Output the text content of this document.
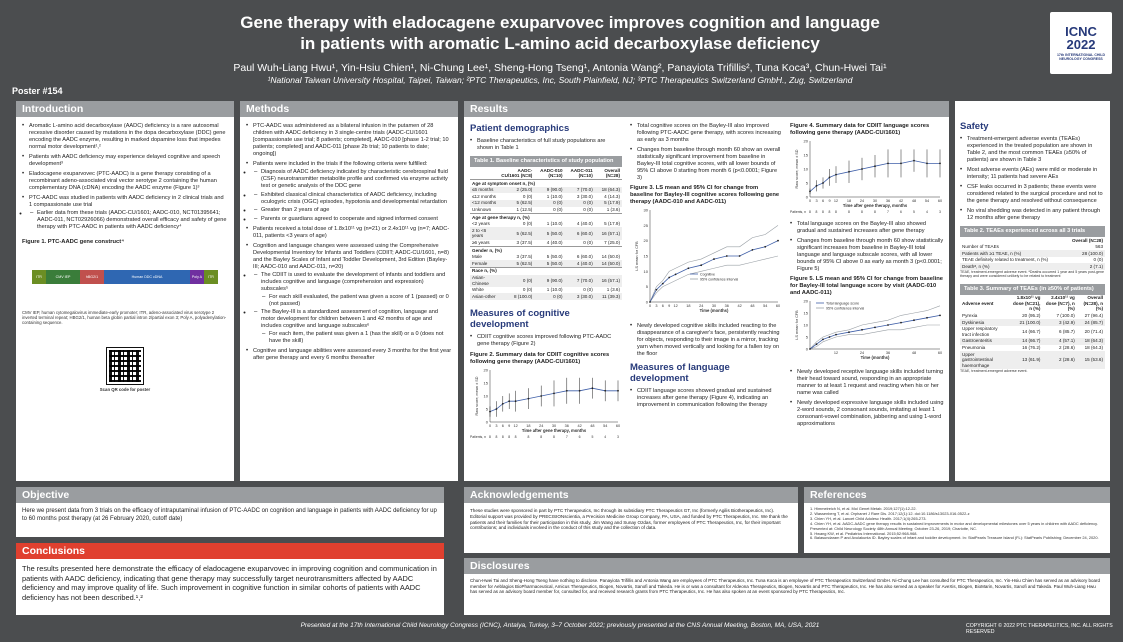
Gene therapy with eladocagene exuparvovec improves cognition and language
in patients with aromatic L-amino acid decarboxylase deficiency
Paul Wuh-Liang Hwu¹, Yin-Hsiu Chien¹, Ni-Chung Lee¹, Sheng-Hong Tseng¹, Antonia Wang², Panayiota Trifillis², Tuna Koca³, Chun-Hwei Tai¹
¹National Taiwan University Hospital, Taipei, Taiwan; ²PTC Therapeutics, Inc, South Plainfield, NJ; ³PTC Therapeutics Switzerland GmbH., Zug, Switzerland
ICNC
2022
17th INTERNATIONAL CHILD NEUROLOGY CONGRESS
Poster #154
Introduction
• Aromatic L-amino acid decarboxylase (AADC) deficiency is a rare autosomal recessive disorder caused by mutations in the dopa decarboxylase (DDC) gene encoding the AADC enzyme, resulting in marked dopamine loss that impedes normal motor development¹,²
• Patients with AADC deficiency may experience delayed cognitive and speech development³
• Eladocagene exuparvovec (PTC-AADC) is a gene therapy consisting of a recombinant adeno-associated viral vector serotype 2 containing the human complementary DNA (cDNA) encoding the AADC enzyme (Figure 1)³
• PTC-AADC was studied in patients with AADC deficiency in 2 clinical trials and 1 compassionate use trial
– ◦ Earlier data from these trials (AADC-CU/1601; AADC-010, NCT01395641; AADC-011, NCT02926066) demonstrated overall efficacy and safety of gene therapy with PTC-AADC in patients with AADC deficiency⁴
Figure 1. PTC-AADC gene construct⁴
ITR	CMV IEP	hBG2/1	Human DDC cDNA	Poly A	ITR
CMV IEP, human cytomegalovirus immediate-early promoter; ITR, adeno-associated virus serotype 2 inverted terminal repeat; HBG2/1, human beta globin partial intron 2/partial exon 3; Poly A, polyadenylation-containing sequence.
Scan QR code for poster
Methods
• PTC-AADC was administered as a bilateral infusion in the putamen of 28 children with AADC deficiency in 3 single-centre trials (AADC-CU/1601 [compassionate use trial; 8 patients; completed], AADC-010 [phase 1-2 trial; 10 patients; completed] and AADC-011 [phase 2b trial; 10 patients to date; ongoing])
• Patients were included in the trials if the following criteria were fulfilled:
– ◦ Diagnosis of AADC deficiency indicated by characteristic cerebrospinal fluid (CSF) neurotransmitter metabolite profile and confirmed via enzyme activity test or genetic analysis of the DDC gene
– ◦ Exhibited classical clinical characteristics of AADC deficiency, including oculogyric crisis (OGC) episodes, hypotonia and developmental retardation
– ◦ Greater than 2 years of age
– ◦ Parents or guardians agreed to cooperate and signed informed consent
• Patients received a total dose of 1.8x10¹¹ vg (n=21) or 2.4x10¹¹ vg (n=7; AADC-011, patients <3 years of age)
• Cognition and language changes were assessed using the Comprehensive Developmental Inventory for Infants and Toddlers (CDIIT; AADC-CU/1601, n=8) and the Bayley Scales of Infant and Toddler Development, 3rd Edition (Bayley-III; AADC-010 and AADC-011, n=20)
– ◦ The CDIIT is used to evaluate the development of infants and toddlers and includes cognitive and language (comprehension and expression) subscales⁵
– For each skill evaluated, the patient was given a score of 1 (passed) or 0 (not passed)
– ◦ The Bayley-III is a standardized assessment of cognition, language and motor development for children between 1 and 42 months of age and includes cognitive and language subscales⁶
– For each item, the patient was given a 1 (has the skill) or a 0 (does not have the skill)
• Cognitive and language abilities were assessed every 3 months for the first year after gene therapy and every 6 months thereafter
Results
Patient demographics
• Baseline characteristics of full study populations are shown in Table 1
Table 1. Baseline characteristics of study population
	AADC-CU/1601 (N=8)	AADC-010 (N=10)	AADC-011 (N=10)	Overall (N=28)
Age at symptom onset n, (%)				
≤6 months	2 (25.0)	9 (90.0)	7 (70.0)	18 (64.3)
≤12 months	0 (0)	1 (10.0)	3 (30.0)	4 (14.3)
<12 months	5 (62.5)	0 (0)	0 (0)	5 (17.9)
Unknown	1 (12.5)	0 (0)	0 (0)	1 (3.6)
Age at gene therapy n, (%)				
<2 years	0 (0)	1 (10.0)	4 (40.0)	5 (17.9)
2 to <6 years	5 (62.5)	5 (50.0)	6 (60.0)	16 (57.1)
≥6 years	3 (37.5)	4 (40.0)	0 (0)	7 (25.0)
Gender n, (%)				
Male	3 (37.5)	5 (50.0)	6 (60.0)	14 (50.0)
Female	5 (62.5)	5 (50.0)	4 (40.0)	14 (50.0)
Race n, (%)				
Asian-Chinese	0 (0)	9 (90.0)	7 (70.0)	16 (57.1)
White	0 (0)	1 (10.0)	0 (0)	1 (3.6)
Asian-other	8 (100.0)	0 (0)	3 (30.0)	11 (39.3)
Measures of cognitive development
• CDIIT cognitive scores improved following PTC-AADC gene therapy (Figure 2)
Figure 2. Summary data for CDIIT cognitive scores following gene therapy (AADC-CU/1601)
0
5
10
15
20
0 3 6 9 12 18 24 30 36 42 48 54 60
Raw score, mean ± SD
Time after gene therapy, months
Patients, n 8 8 8 8 8	8	8	8	7	6	5	4	3
• Total cognitive scores on the Bayley-III also improved following PTC-AADC gene therapy, with scores increasing as early as 3 months
• Changes from baseline through month 60 show an overall statistically significant improvement from baseline in Bayley-III total cognitive scores, with all lower bounds of 95% CI above 0 starting from month 6 (p<0.0001; Figure 3)
Figure 3. LS mean and 95% CI for change from baseline for Bayley-III cognitive scores following gene therapy (AADC-010 and AADC-011)
0
5
10
15
20
25
30
0 3 6 9 12 18 24 30 36 42 48 54 60
LS mean for CFB
Time (months)
Cognitive
95% confidence interval
• Newly developed cognitive skills included reacting to the disappearance of a caregiver's face, persistently reaching for objects, responding to their image in a mirror, tracking yarn when moved vertically and looking for a fallen toy on the floor
Measures of language development
• CDIIT language scores showed gradual and sustained increases after gene therapy (Figure 4), indicating an improvement in communication following the therapy
Figure 4. Summary data for CDIIT language scores following gene therapy (AADC-CU/1601)
0
5
10
15
20
0 3 6 9 12 18 24 30 36 42 48 54 60
Raw score, mean ± SD
Time after gene therapy, months
Patients, n 8 8 8 8 8	8	8	8	7	6	5	4	3
• Total language scores on the Bayley-III also showed gradual and sustained increases after gene therapy
• Changes from baseline through month 60 show statistically significant increases from baseline in Bayley-III total language and language subscale scores, with all lower bounds of 95% CI above 0 as early as month 3 (p<0.0001; Figure 5)
Figure 5. LS mean and 95% CI for change from baseline for Bayley-III total language score by visit (AADC-010 and AADC-011)
0
5
10
15
20
12	24	36	48	60
LS mean for CFB
Time (months)
Total language score
95% confidence interval
• Newly developed receptive language skills included turning their head toward sound, responding in an appropriate manner to at least 1 request and reacting when his or her name was called
• Newly developed expressive language skills included using 2-word sounds, 2 consonant sounds, imitating at least 1 consonant-vowel combination, jabbering and using 1-word approximations
Safety
• Treatment-emergent adverse events (TEAEs) experienced in the treated population are shown in Table 2, and the most common TEAEs (≥50% of patients) are shown in Table 3
• Most adverse events (AEs) were mild or moderate in intensity; 11 patients had severe AEs
• CSF leaks occurred in 3 patients; these events were considered related to the surgical procedure and not to the gene therapy and resolved without consequence
• No viral shedding was detected in any patient through 12 months after gene therapy
Table 2. TEAEs experienced across all 3 trials
	Overall (N=28)
Number of TEAEs	563
Patients with ≥1 TEAE, n (%)	28 (100.0)
TEAE definitely related to treatment, n (%)	0 (0)
Deathᵃ, n (%)	2 (7.1)
TEAE, treatment-emergent adverse event. ᵃDeaths occurred 1 year and 5 years post-gene therapy and were considered unlikely to be related to treatment
Table 3. Summary of TEAEs (in ≥50% of patients)
Adverse event	1.8x10¹¹ vg dose (N=21), n (%)	2.4x10¹¹ vg dose (N=7), n (%)	Overall (N=28), n (%)
Pyrexia	20 (95.2)	7 (100.0)	27 (96.4)
Dyskinesia	21 (100.0)	3 (42.9)	24 (85.7)
Upper respiratory tract infection	14 (66.7)	6 (85.7)	20 (71.4)
Gastroenteritis	14 (66.7)	4 (57.1)	18 (64.3)
Pneumonia	16 (76.2)	2 (28.6)	18 (64.3)
Upper gastrointestinal haemorrhage	13 (61.9)	2 (28.6)	15 (53.6)
TEAE, treatment-emergent adverse event.
Objective
Here we present data from 3 trials on the efficacy of intraputaminal infusion of PTC-AADC on cognition and language in patients with AADC deficiency for up to 60 months post therapy (at 26 February 2020, cutoff date)
Conclusions
The results presented here demonstrate the efficacy of eladocagene exuparvovec in improving cognition and communication in patients with AADC deficiency, indicating that gene therapy may successfully target neurotransmitters affected by AADC deficiency and may improve quality of life. Such improvement in cognitive function in similar cohorts of patients with AADC deficiency has not been described.¹,²
Acknowledgements
These studies were sponsored in part by PTC Therapeutics, Inc through its subsidiary PTC Therapeutics GT, Inc (formerly Agilis Biotherapeutics, Inc). Editorial support was provided by PRECISIONscientia, a Precision Medicine Group Company, PA, USA, and funded by PTC Therapeutics, Inc. We thank the patients and their families for their participation in this study, Jim Wang and Sunay Ozdas, former employees of PTC Therapeutics, Inc, for their important contributions; and individuals involved in the conduct of this study and the collection of data.
References
1. Himmelreich N, et al. Mol Genet Metab. 2019;127(1):12-22.
2. Wassenberg T, et al. Orphanet J Rare Dis. 2017;12(1):12. doi:10.1186/s13023-016-0522-z
3. Chien YH, et al. Lancet Child Adolesc Health. 2017;1(4):265-273.
4. Chien YH, et al. AADC-AADC gene therapy results in sustained improvements in motor and developmental milestones over 5 years in children with AADC deficiency. Presented at: Child Neurology Society 48th Annual Meeting; October 23-26, 2019; Charlotte, NC.
5. Hwang KW, et al. Pediatrics International. 2015;52:968-968.
6. Balasundaram P and Avulakunta ID. Bayley scales of infant and toddler development. In: StatPearls Treasure Island (FL): StatPearls Publishing; December 24, 2020.
Disclosures
Chun-Hwei Tai and Sheng-Hong Tseng have nothing to disclose. Panayiota Trifillis and Antonia Wang are employees of PTC Therapeutics, Inc. Tuna Koca is an employee of PTC Therapeutics Switzerland GmbH. Ni-Chung Lee has consulted for PTC Therapeutics, Inc. Yin-Hsiu Chien has served as an advisory board member for Aeblagios BioPharmaceutical, Amicus Therapeutics, Biogen, Novartis, Sanofi and Takeda. He is or was a consultant for Aldeona Therapeutics, Biogen, Novartis and PTC Therapeutics, Inc. He has also served as a speaker for AveXis, Biogen, BioMarin, Novartis, Sanofi and Takeda. Paul Wuh-Liang Hwu has served as an advisory board member for, consulted for, and received research grants from PTC Therapeutics, Inc. He has also spoken at an event sponsored by PTC Therapeutics, Inc.
Presented at the 17th International Child Neurology Congress (ICNC), Antalya, Turkey, 3–7 October 2022; previously presented at the CNS Annual Meeting, Boston, MA, USA, 2021	COPYRIGHT © 2022 PTC THERAPEUTICS, INC. ALL RIGHTS RESERVED
